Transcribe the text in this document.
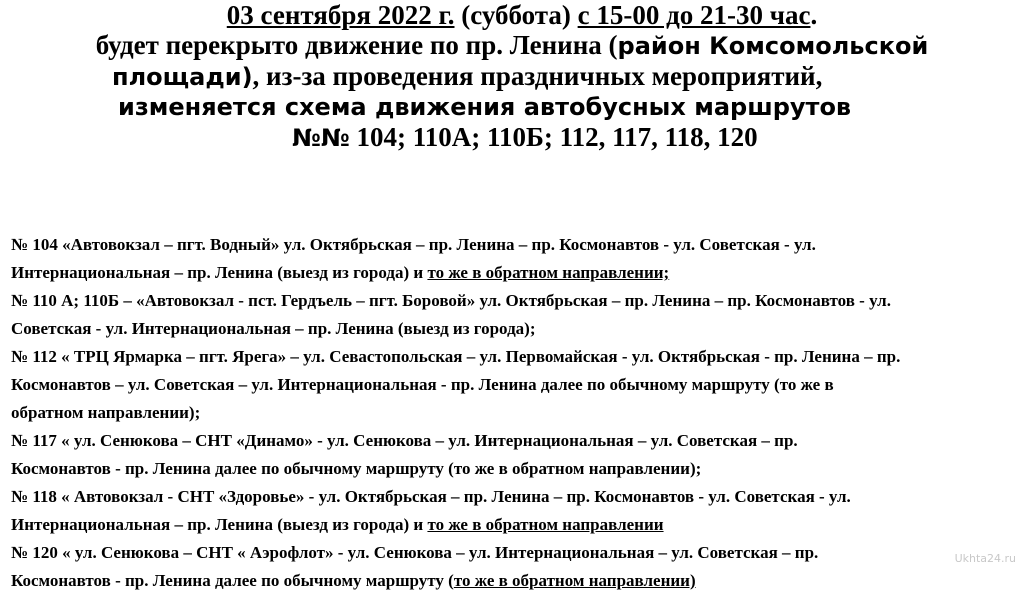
03 сентября 2022 г. (суббота) с 15-00 до 21-30 час.
будет перекрыто движение по пр. Ленина (район Комсомольской
площади), из-за проведения праздничных мероприятий,
изменяется схема движения автобусных маршрутов
№№ 104; 110А; 110Б; 112, 117, 118, 120
№ 104 «Автовокзал – пгт. Водный» ул. Октябрьская – пр. Ленина – пр. Космонавтов - ул. Советская - ул.
Интернациональная – пр. Ленина (выезд из города) и то же в обратном направлении;
№ 110 А; 110Б – «Автовокзал - пст. Гердъель – пгт. Боровой» ул. Октябрьская – пр. Ленина – пр. Космонавтов - ул.
Советская - ул. Интернациональная – пр. Ленина (выезд из города);
№ 112 « ТРЦ Ярмарка – пгт. Ярега» – ул. Севастопольская – ул. Первомайская - ул. Октябрьская - пр. Ленина – пр.
Космонавтов – ул. Советская – ул. Интернациональная - пр. Ленина далее по обычному маршруту (то же в
обратном направлении);
№ 117 « ул. Сенюкова – СНТ «Динамо» - ул. Сенюкова – ул. Интернациональная – ул. Советская – пр.
Космонавтов - пр. Ленина далее по обычному маршруту (то же в обратном направлении);
№ 118 « Автовокзал - СНТ «Здоровье» - ул. Октябрьская – пр. Ленина – пр. Космонавтов - ул. Советская - ул.
Интернациональная – пр. Ленина (выезд из города) и то же в обратном направлении
№ 120 « ул. Сенюкова – СНТ « Аэрофлот» - ул. Сенюкова – ул. Интернациональная – ул. Советская – пр.
Космонавтов - пр. Ленина далее по обычному маршруту (то же в обратном направлении)
Ukhta24.ru
